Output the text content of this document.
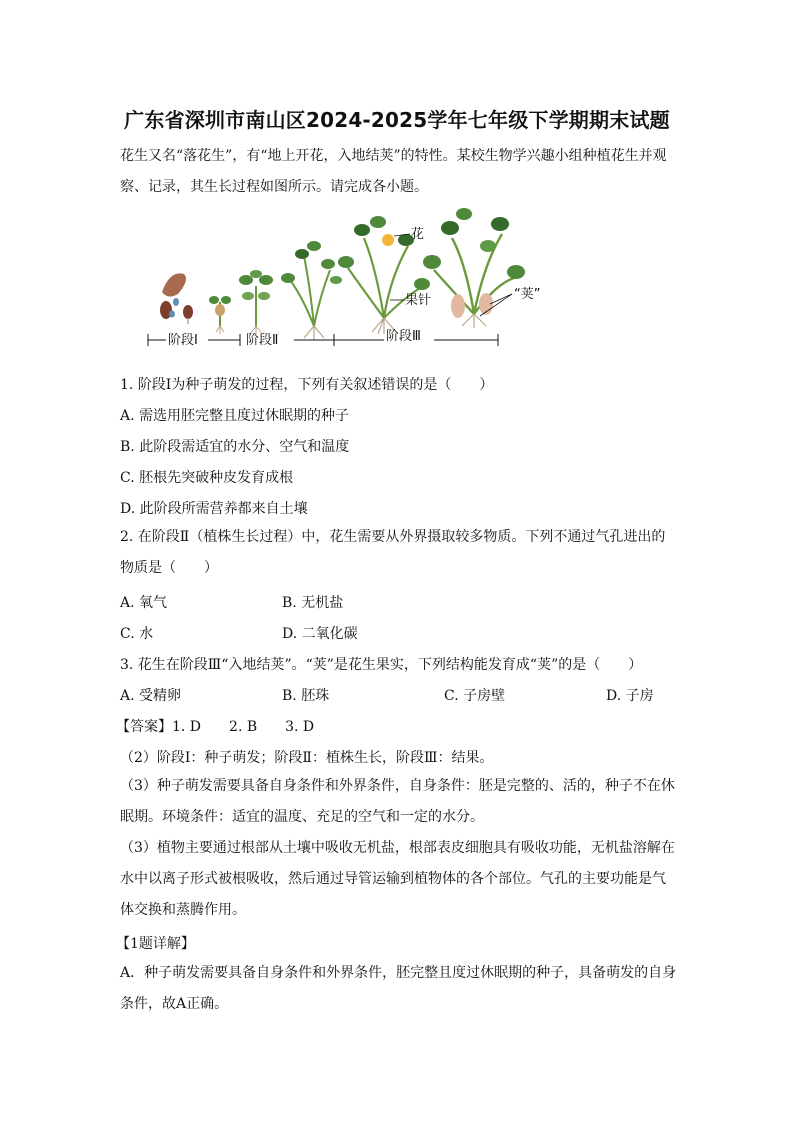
广东省深圳市南山区2024-2025学年七年级下学期期末试题
花生又名“落花生”，有“地上开花，入地结荚”的特性。某校生物学兴趣小组种植花生并观察、记录，其生长过程如图所示。请完成各小题。
花
果针	“荚”
阶段Ⅰ	阶段Ⅱ	阶段Ⅲ
1. 阶段Ⅰ为种子萌发的过程，下列有关叙述错误的是（　　）
A. 需选用胚完整且度过休眠期的种子
B. 此阶段需适宜的水分、空气和温度
C. 胚根先突破种皮发育成根
D. 此阶段所需营养都来自土壤
2. 在阶段Ⅱ（植株生长过程）中，花生需要从外界摄取较多物质。下列不通过气孔进出的物质是（　　）
A. 氧气	B. 无机盐
C. 水	D. 二氧化碳
3. 花生在阶段Ⅲ“入地结荚”。“荚”是花生果实，下列结构能发育成“荚”的是（　　）
A. 受精卵	B. 胚珠	C. 子房壁	D. 子房
【答案】1. D　　2. B　　3. D
（2）阶段Ⅰ：种子萌发；阶段Ⅱ：植株生长，阶段Ⅲ：结果。
（3）种子萌发需要具备自身条件和外界条件，自身条件：胚是完整的、活的，种子不在休眠期。环境条件：适宜的温度、充足的空气和一定的水分。
（3）植物主要通过根部从土壤中吸收无机盐，根部表皮细胞具有吸收功能，无机盐溶解在水中以离子形式被根吸收，然后通过导管运输到植物体的各个部位。气孔的主要功能是气体交换和蒸腾作用。
【1题详解】
A．种子萌发需要具备自身条件和外界条件，胚完整且度过休眠期的种子，具备萌发的自身条件，故A正确。
